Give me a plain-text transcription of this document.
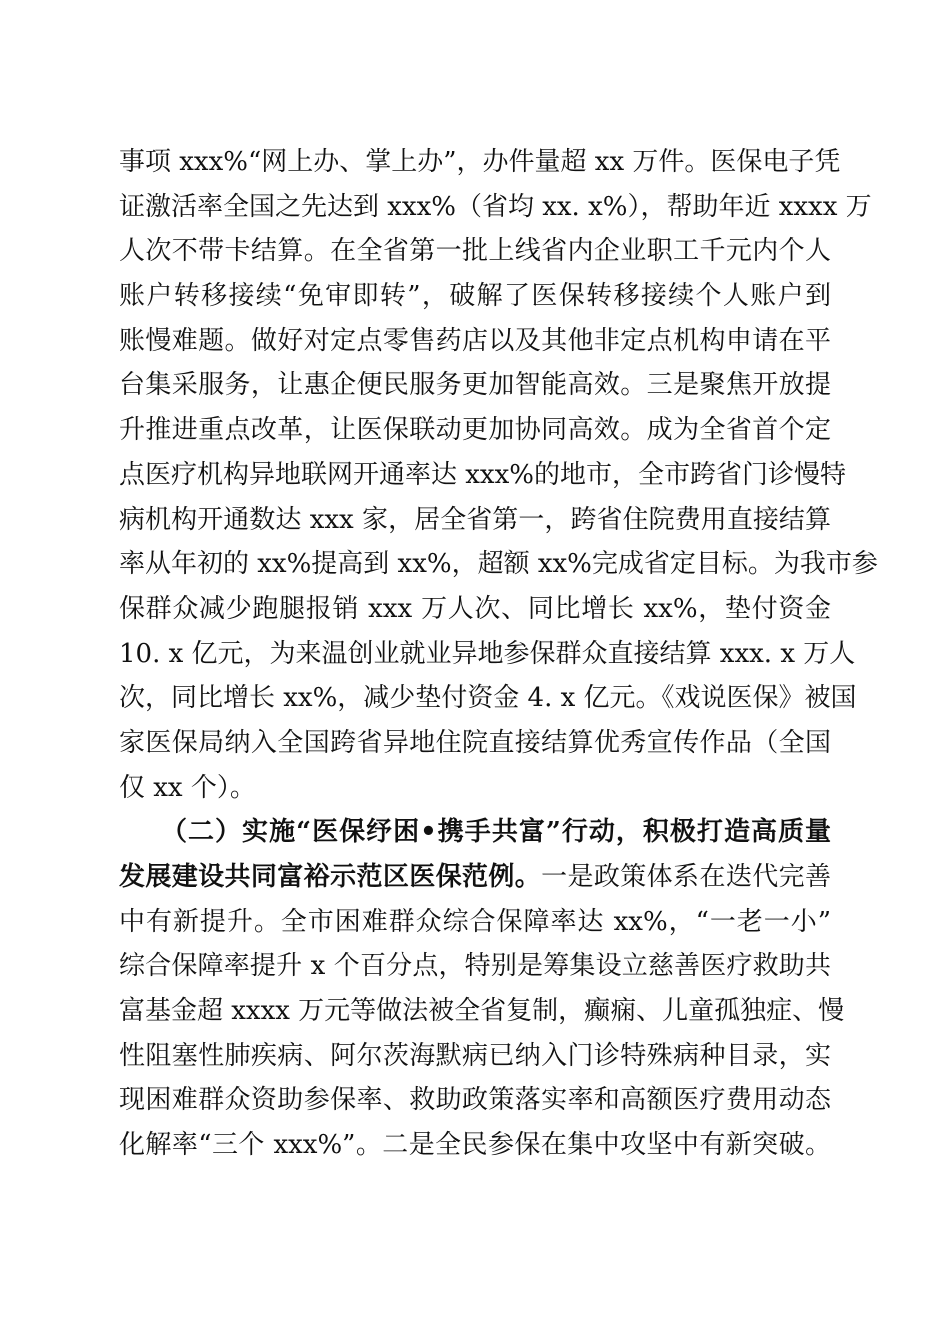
事项 xxx%“网上办、掌上办”，办件量超 xx 万件。医保电子凭
证激活率全国之先达到 xxx%（省均 xx. x%），帮助年近 xxxx 万
人次不带卡结算。在全省第一批上线省内企业职工千元内个人
账户转移接续“免审即转”，破解了医保转移接续个人账户到
账慢难题。做好对定点零售药店以及其他非定点机构申请在平
台集采服务，让惠企便民服务更加智能高效。三是聚焦开放提
升推进重点改革，让医保联动更加协同高效。成为全省首个定
点医疗机构异地联网开通率达 xxx%的地市，全市跨省门诊慢特
病机构开通数达 xxx 家，居全省第一，跨省住院费用直接结算
率从年初的 xx%提高到 xx%，超额 xx%完成省定目标。为我市参
保群众减少跑腿报销 xxx 万人次、同比增长 xx%，垫付资金
10. x 亿元，为来温创业就业异地参保群众直接结算 xxx. x 万人
次，同比增长 xx%，减少垫付资金 4. x 亿元。《戏说医保》被国
家医保局纳入全国跨省异地住院直接结算优秀宣传作品（全国
仅 xx 个）。
（二）实施“医保纾困•携手共富”行动，积极打造高质量
发展建设共同富裕示范区医保范例。一是政策体系在迭代完善
中有新提升。全市困难群众综合保障率达 xx%，“一老一小”
综合保障率提升 x 个百分点，特别是筹集设立慈善医疗救助共
富基金超 xxxx 万元等做法被全省复制，癫痫、儿童孤独症、慢
性阻塞性肺疾病、阿尔茨海默病已纳入门诊特殊病种目录，实
现困难群众资助参保率、救助政策落实率和高额医疗费用动态
化解率“三个 xxx%”。二是全民参保在集中攻坚中有新突破。
